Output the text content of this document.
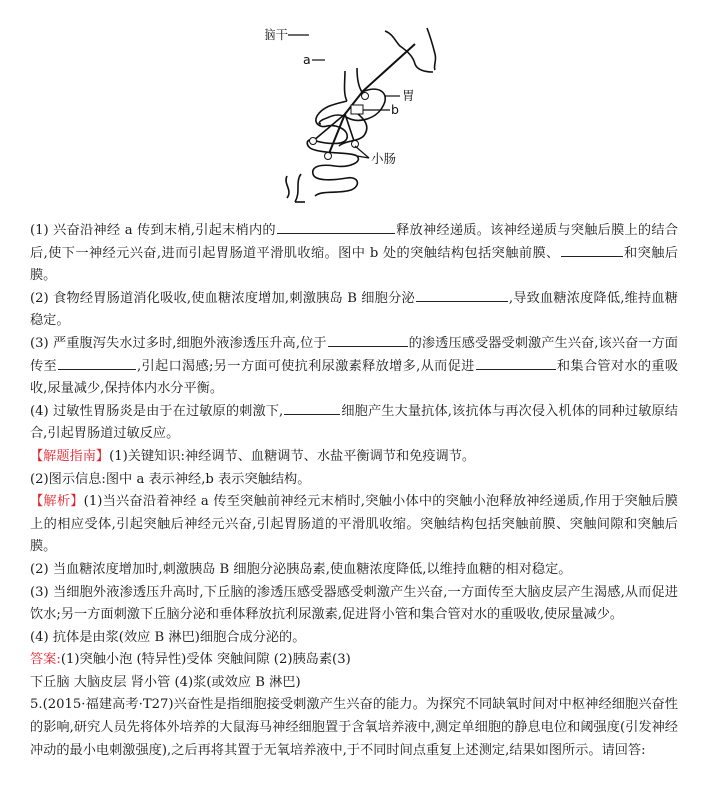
脑干
a
胃
b
小肠

(1) 兴奋沿神经 a 传到末梢,引起末梢内的	释放神经递质。该神经递质与突触后膜上的结合后,使下一神经元兴奋,进而引起胃肠道平滑肌收缩。图中 b 处的突触结构包括突触前膜、	和突触后膜。

(2) 食物经胃肠道消化吸收,使血糖浓度增加,刺激胰岛 B 细胞分泌	,导致血糖浓度降低,维持血糖稳定。

(3) 严重腹泻失水过多时,细胞外液渗透压升高,位于	的渗透压感受器受刺激产生兴奋,该兴奋一方面传至	,引起口渴感;另一方面可使抗利尿激素释放增多,从而促进	和集合管对水的重吸收,尿量减少,保持体内水分平衡。

(4) 过敏性胃肠炎是由于在过敏原的刺激下,	细胞产生大量抗体,该抗体与再次侵入机体的同种过敏原结合,引起胃肠道过敏反应。

【解题指南】(1)关键知识:神经调节、血糖调节、水盐平衡调节和免疫调节。

(2)图示信息:图中 a 表示神经,b 表示突触结构。

【解析】(1)当兴奋沿着神经 a 传至突触前神经元末梢时,突触小体中的突触小泡释放神经递质,作用于突触后膜上的相应受体,引起突触后神经元兴奋,引起胃肠道的平滑肌收缩。突触结构包括突触前膜、突触间隙和突触后膜。

(2) 当血糖浓度增加时,刺激胰岛 B 细胞分泌胰岛素,使血糖浓度降低,以维持血糖的相对稳定。

(3) 当细胞外液渗透压升高时,下丘脑的渗透压感受器感受刺激产生兴奋,一方面传至大脑皮层产生渴感,从而促进饮水;另一方面刺激下丘脑分泌和垂体释放抗利尿激素,促进肾小管和集合管对水的重吸收,使尿量减少。

(4) 抗体是由浆(效应 B 淋巴)细胞合成分泌的。

答案:(1)突触小泡 (特异性)受体 突触间隙 (2)胰岛素(3)

下丘脑 大脑皮层 肾小管 (4)浆(或效应 B 淋巴)

5.(2015·福建高考·T27)兴奋性是指细胞接受刺激产生兴奋的能力。为探究不同缺氧时间对中枢神经细胞兴奋性的影响,研究人员先将体外培养的大鼠海马神经细胞置于含氧培养液中,测定单细胞的静息电位和阈强度(引发神经冲动的最小电刺激强度),之后再将其置于无氧培养液中,于不同时间点重复上述测定,结果如图所示。请回答:
